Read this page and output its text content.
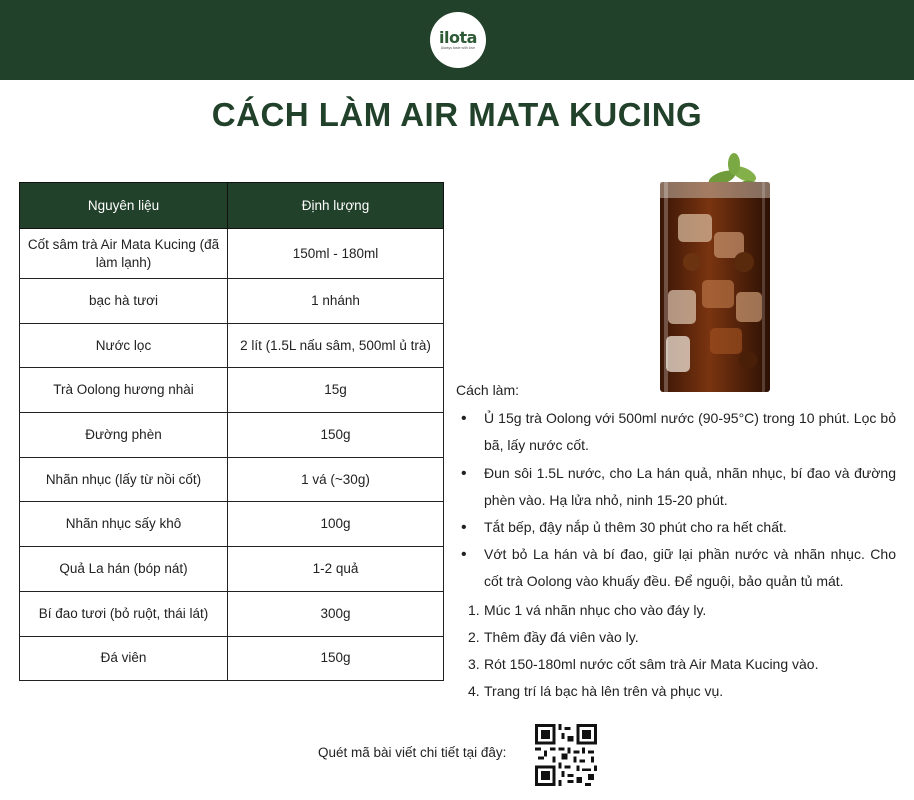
ilota
Always taste with love
CÁCH LÀM AIR MATA KUCING
Nguyên liệu	Định lượng
Cốt sâm trà Air Mata Kucing (đã làm lạnh)	150ml - 180ml
bạc hà tươi	1 nhánh
Nước lọc	2 lít (1.5L nấu sâm, 500ml ủ trà)
Trà Oolong hương nhài	15g
Đường phèn	150g
Nhãn nhục (lấy từ nồi cốt)	1 vá (~30g)
Nhãn nhục sấy khô	100g
Quả La hán (bóp nát)	1-2 quả
Bí đao tươi (bỏ ruột, thái lát)	300g
Đá viên	150g
Cách làm:
• Ủ 15g trà Oolong với 500ml nước (90-95°C) trong 10 phút. Lọc bỏ bã, lấy nước cốt.
• Đun sôi 1.5L nước, cho La hán quả, nhãn nhục, bí đao và đường phèn vào. Hạ lửa nhỏ, ninh 15-20 phút.
• Tắt bếp, đậy nắp ủ thêm 30 phút cho ra hết chất.
• Vớt bỏ La hán và bí đao, giữ lại phần nước và nhãn nhục. Cho cốt trà Oolong vào khuấy đều. Để nguội, bảo quản tủ mát.
1. Múc 1 vá nhãn nhục cho vào đáy ly.
2. Thêm đầy đá viên vào ly.
3. Rót 150-180ml nước cốt sâm trà Air Mata Kucing vào.
4. Trang trí lá bạc hà lên trên và phục vụ.
Quét mã bài viết chi tiết tại đây:
